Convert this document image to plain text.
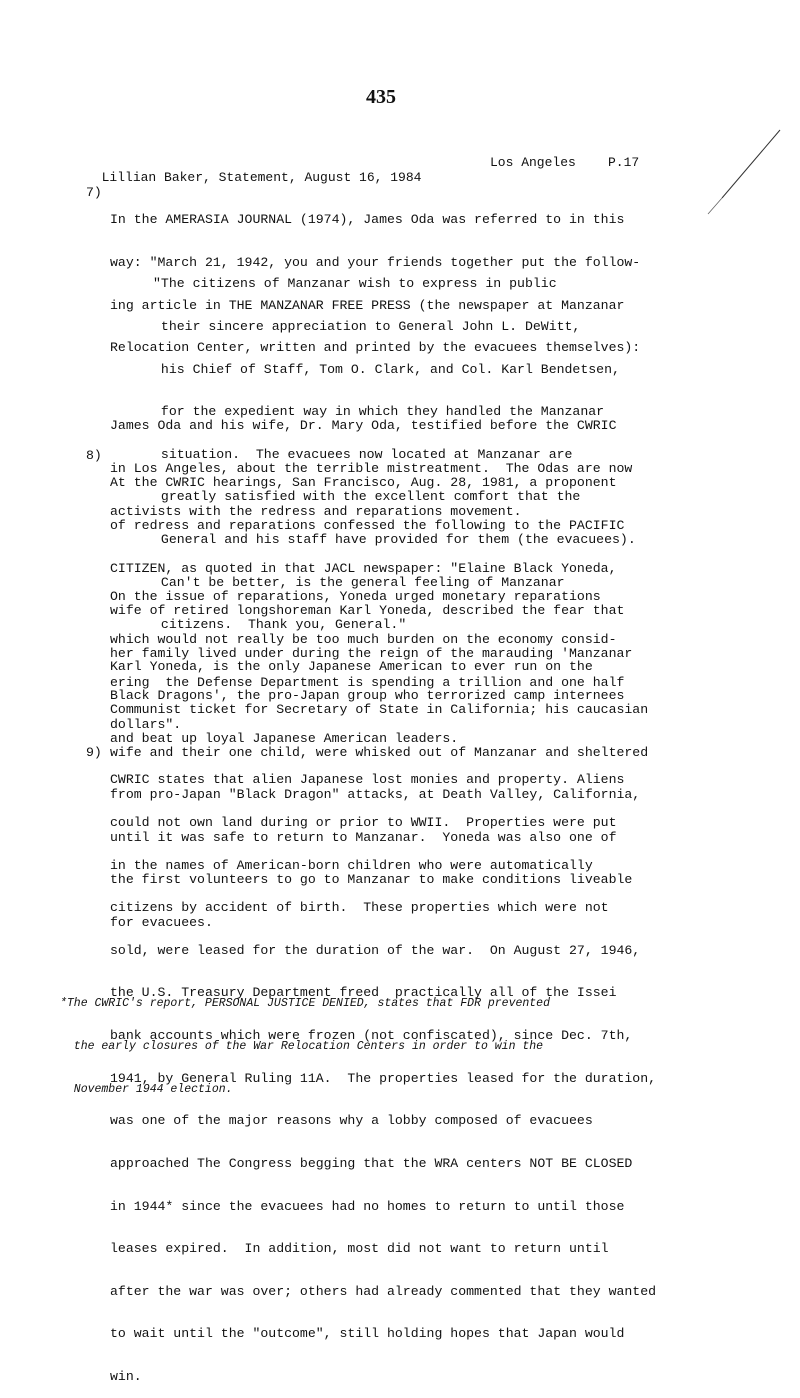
435

Lillian Baker, Statement, August 16, 1984

Los Angeles

P.17

7)

In the AMERASIA JOURNAL (1974), James Oda was referred to in this

way: "March 21, 1942, you and your friends together put the follow-

ing article in THE MANZANAR FREE PRESS (the newspaper at Manzanar

Relocation Center, written and printed by the evacuees themselves):

"The citizens of Manzanar wish to express in public

their sincere appreciation to General John L. DeWitt,

his Chief of Staff, Tom O. Clark, and Col. Karl Bendetsen,

for the expedient way in which they handled the Manzanar

situation.  The evacuees now located at Manzanar are

greatly satisfied with the excellent comfort that the

General and his staff have provided for them (the evacuees).

Can't be better, is the general feeling of Manzanar

citizens.  Thank you, General."

James Oda and his wife, Dr. Mary Oda, testified before the CWRIC

in Los Angeles, about the terrible mistreatment.  The Odas are now

activists with the redress and reparations movement.

8)

At the CWRIC hearings, San Francisco, Aug. 28, 1981, a proponent

of redress and reparations confessed the following to the PACIFIC

CITIZEN, as quoted in that JACL newspaper: "Elaine Black Yoneda,

wife of retired longshoreman Karl Yoneda, described the fear that

her family lived under during the reign of the marauding 'Manzanar

Black Dragons', the pro-Japan group who terrorized camp internees

and beat up loyal Japanese American leaders.

On the issue of reparations, Yoneda urged monetary reparations

which would not really be too much burden on the economy consid-

ering  the Defense Department is spending a trillion and one half

dollars".

Karl Yoneda, is the only Japanese American to ever run on the

Communist ticket for Secretary of State in California; his caucasian

wife and their one child, were whisked out of Manzanar and sheltered

from pro-Japan "Black Dragon" attacks, at Death Valley, California,

until it was safe to return to Manzanar.  Yoneda was also one of

the first volunteers to go to Manzanar to make conditions liveable

for evacuees.

9)

CWRIC states that alien Japanese lost monies and property. Aliens

could not own land during or prior to WWII.  Properties were put

in the names of American-born children who were automatically

citizens by accident of birth.  These properties which were not

sold, were leased for the duration of the war.  On August 27, 1946,

the U.S. Treasury Department freed  practically all of the Issei

bank accounts which were frozen (not confiscated), since Dec. 7th,

1941, by General Ruling 11A.  The properties leased for the duration,

was one of the major reasons why a lobby composed of evacuees

approached The Congress begging that the WRA centers NOT BE CLOSED

in 1944* since the evacuees had no homes to return to until those

leases expired.  In addition, most did not want to return until

after the war was over; others had already commented that they wanted

to wait until the "outcome", still holding hopes that Japan would

win.

*The CWRIC's report, PERSONAL JUSTICE DENIED, states that FDR prevented

the early closures of the War Relocation Centers in order to win the

November 1944 election.
